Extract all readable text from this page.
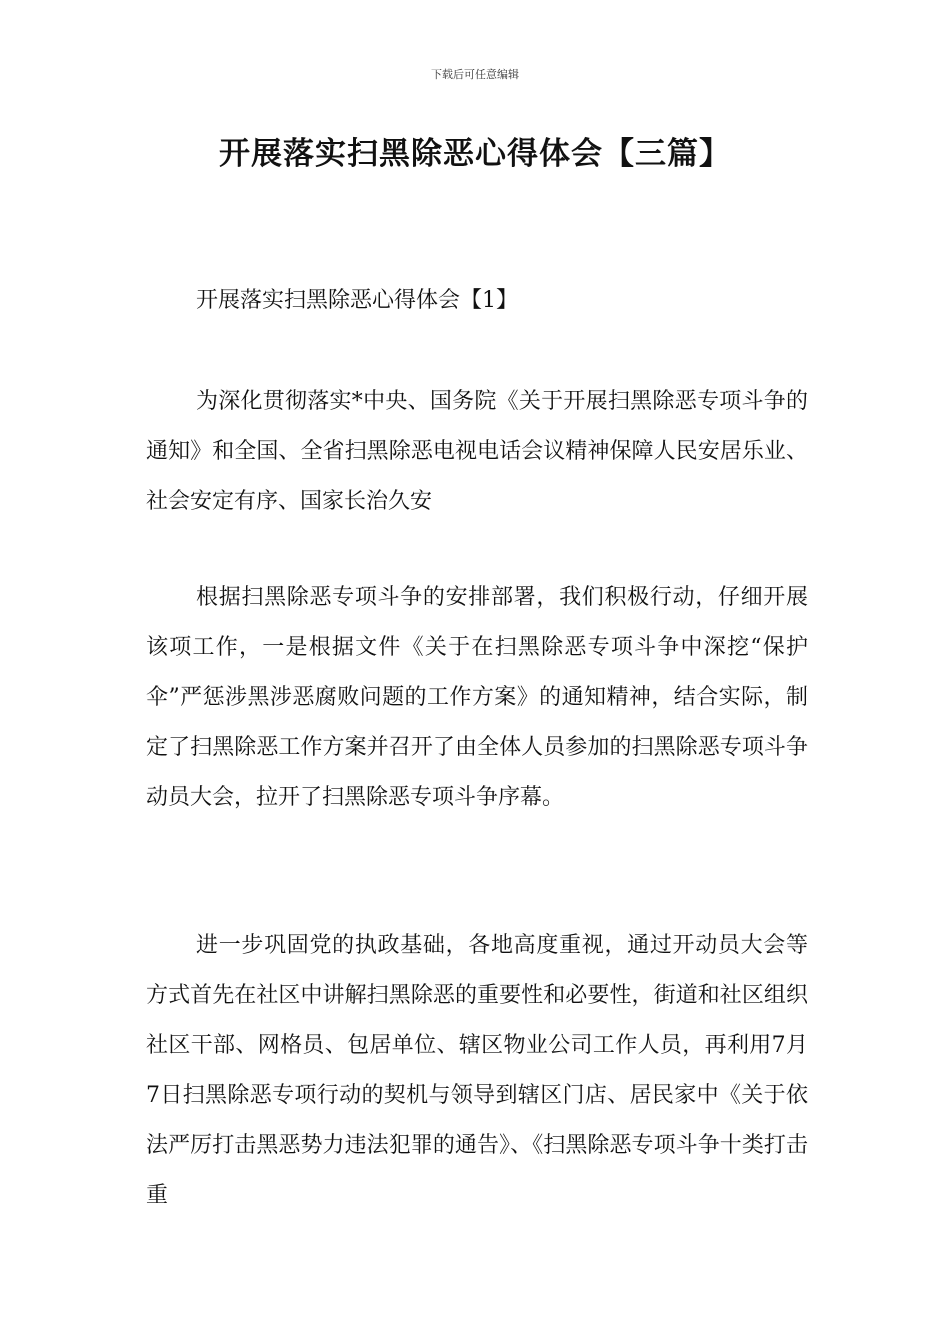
下载后可任意编辑
开展落实扫黑除恶心得体会【三篇】

开展落实扫黑除恶心得体会【1】

为深化贯彻落实*中央、国务院《关于开展扫黑除恶专项斗争的通知》和全国、全省扫黑除恶电视电话会议精神保障人民安居乐业、社会安定有序、国家长治久安

根据扫黑除恶专项斗争的安排部署，我们积极行动，仔细开展该项工作，一是根据文件《关于在扫黑除恶专项斗争中深挖“保护伞”严惩涉黑涉恶腐败问题的工作方案》的通知精神，结合实际，制定了扫黑除恶工作方案并召开了由全体人员参加的扫黑除恶专项斗争动员大会，拉开了扫黑除恶专项斗争序幕。

进一步巩固党的执政基础，各地高度重视，通过开动员大会等方式首先在社区中讲解扫黑除恶的重要性和必要性，街道和社区组织社区干部、网格员、包居单位、辖区物业公司工作人员，再利用7月7日扫黑除恶专项行动的契机与领导到辖区门店、居民家中《关于依法严厉打击黑恶势力违法犯罪的通告》、《扫黑除恶专项斗争十类打击重
